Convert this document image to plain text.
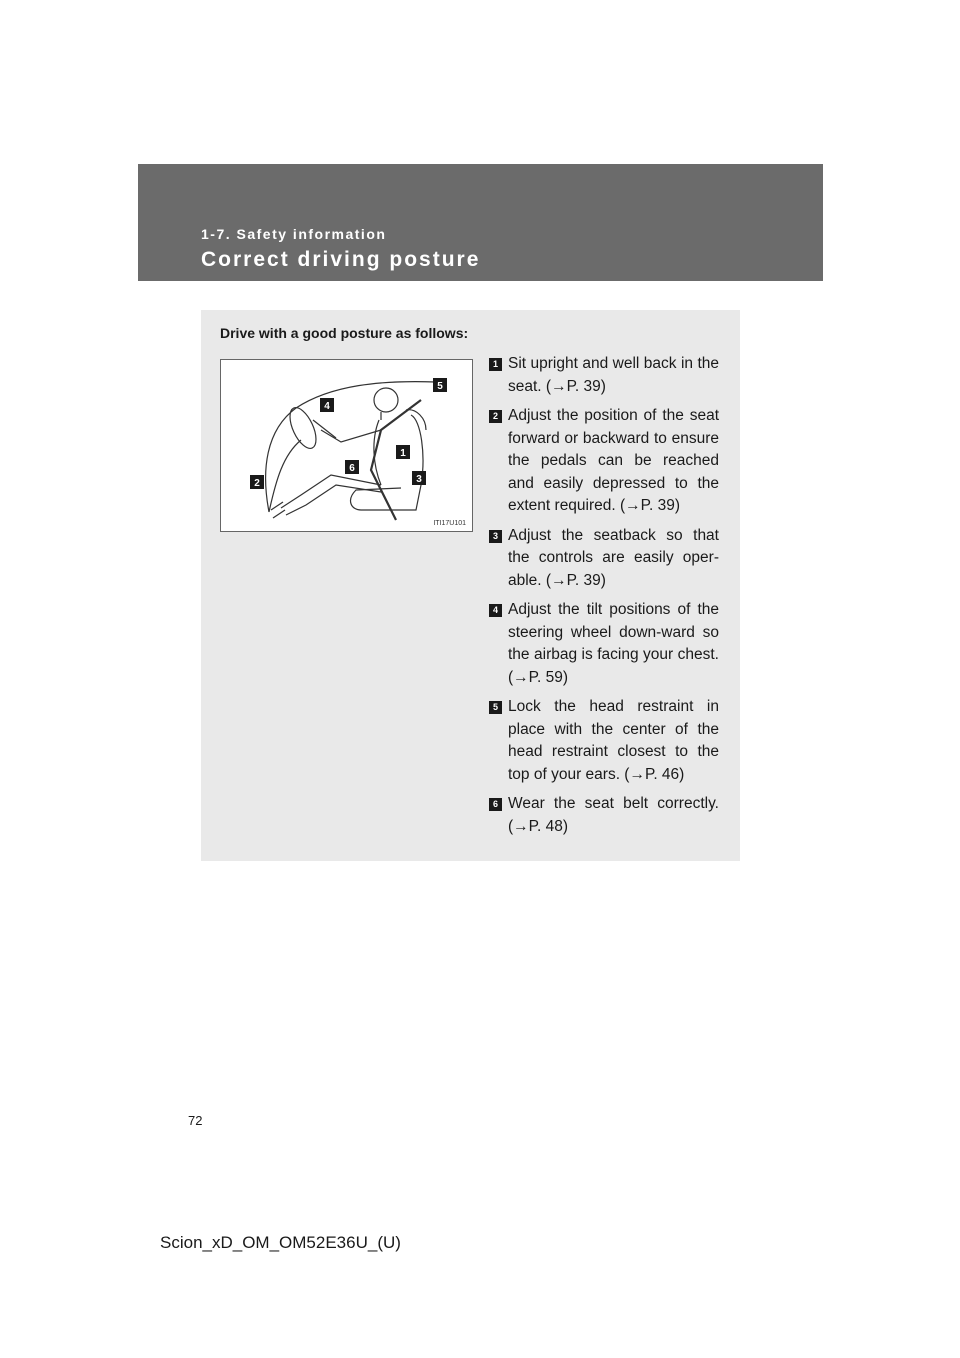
1-7. Safety information
Correct driving posture
Drive with a good posture as follows:
5
4
1
6
3
2
ITI17U101
1 Sit upright and well back in the seat. (→P. 39)
2 Adjust the position of the seat forward or backward to ensure the pedals can be reached and easily depressed to the extent required. (→P. 39)
3 Adjust the seatback so that the controls are easily oper-able. (→P. 39)
4 Adjust the tilt positions of the steering wheel down-ward so the airbag is facing your chest. (→P. 59)
5 Lock the head restraint in place with the center of the head restraint closest to the top of your ears. (→P. 46)
6 Wear the seat belt correctly. (→P. 48)
72
Scion_xD_OM_OM52E36U_(U)
